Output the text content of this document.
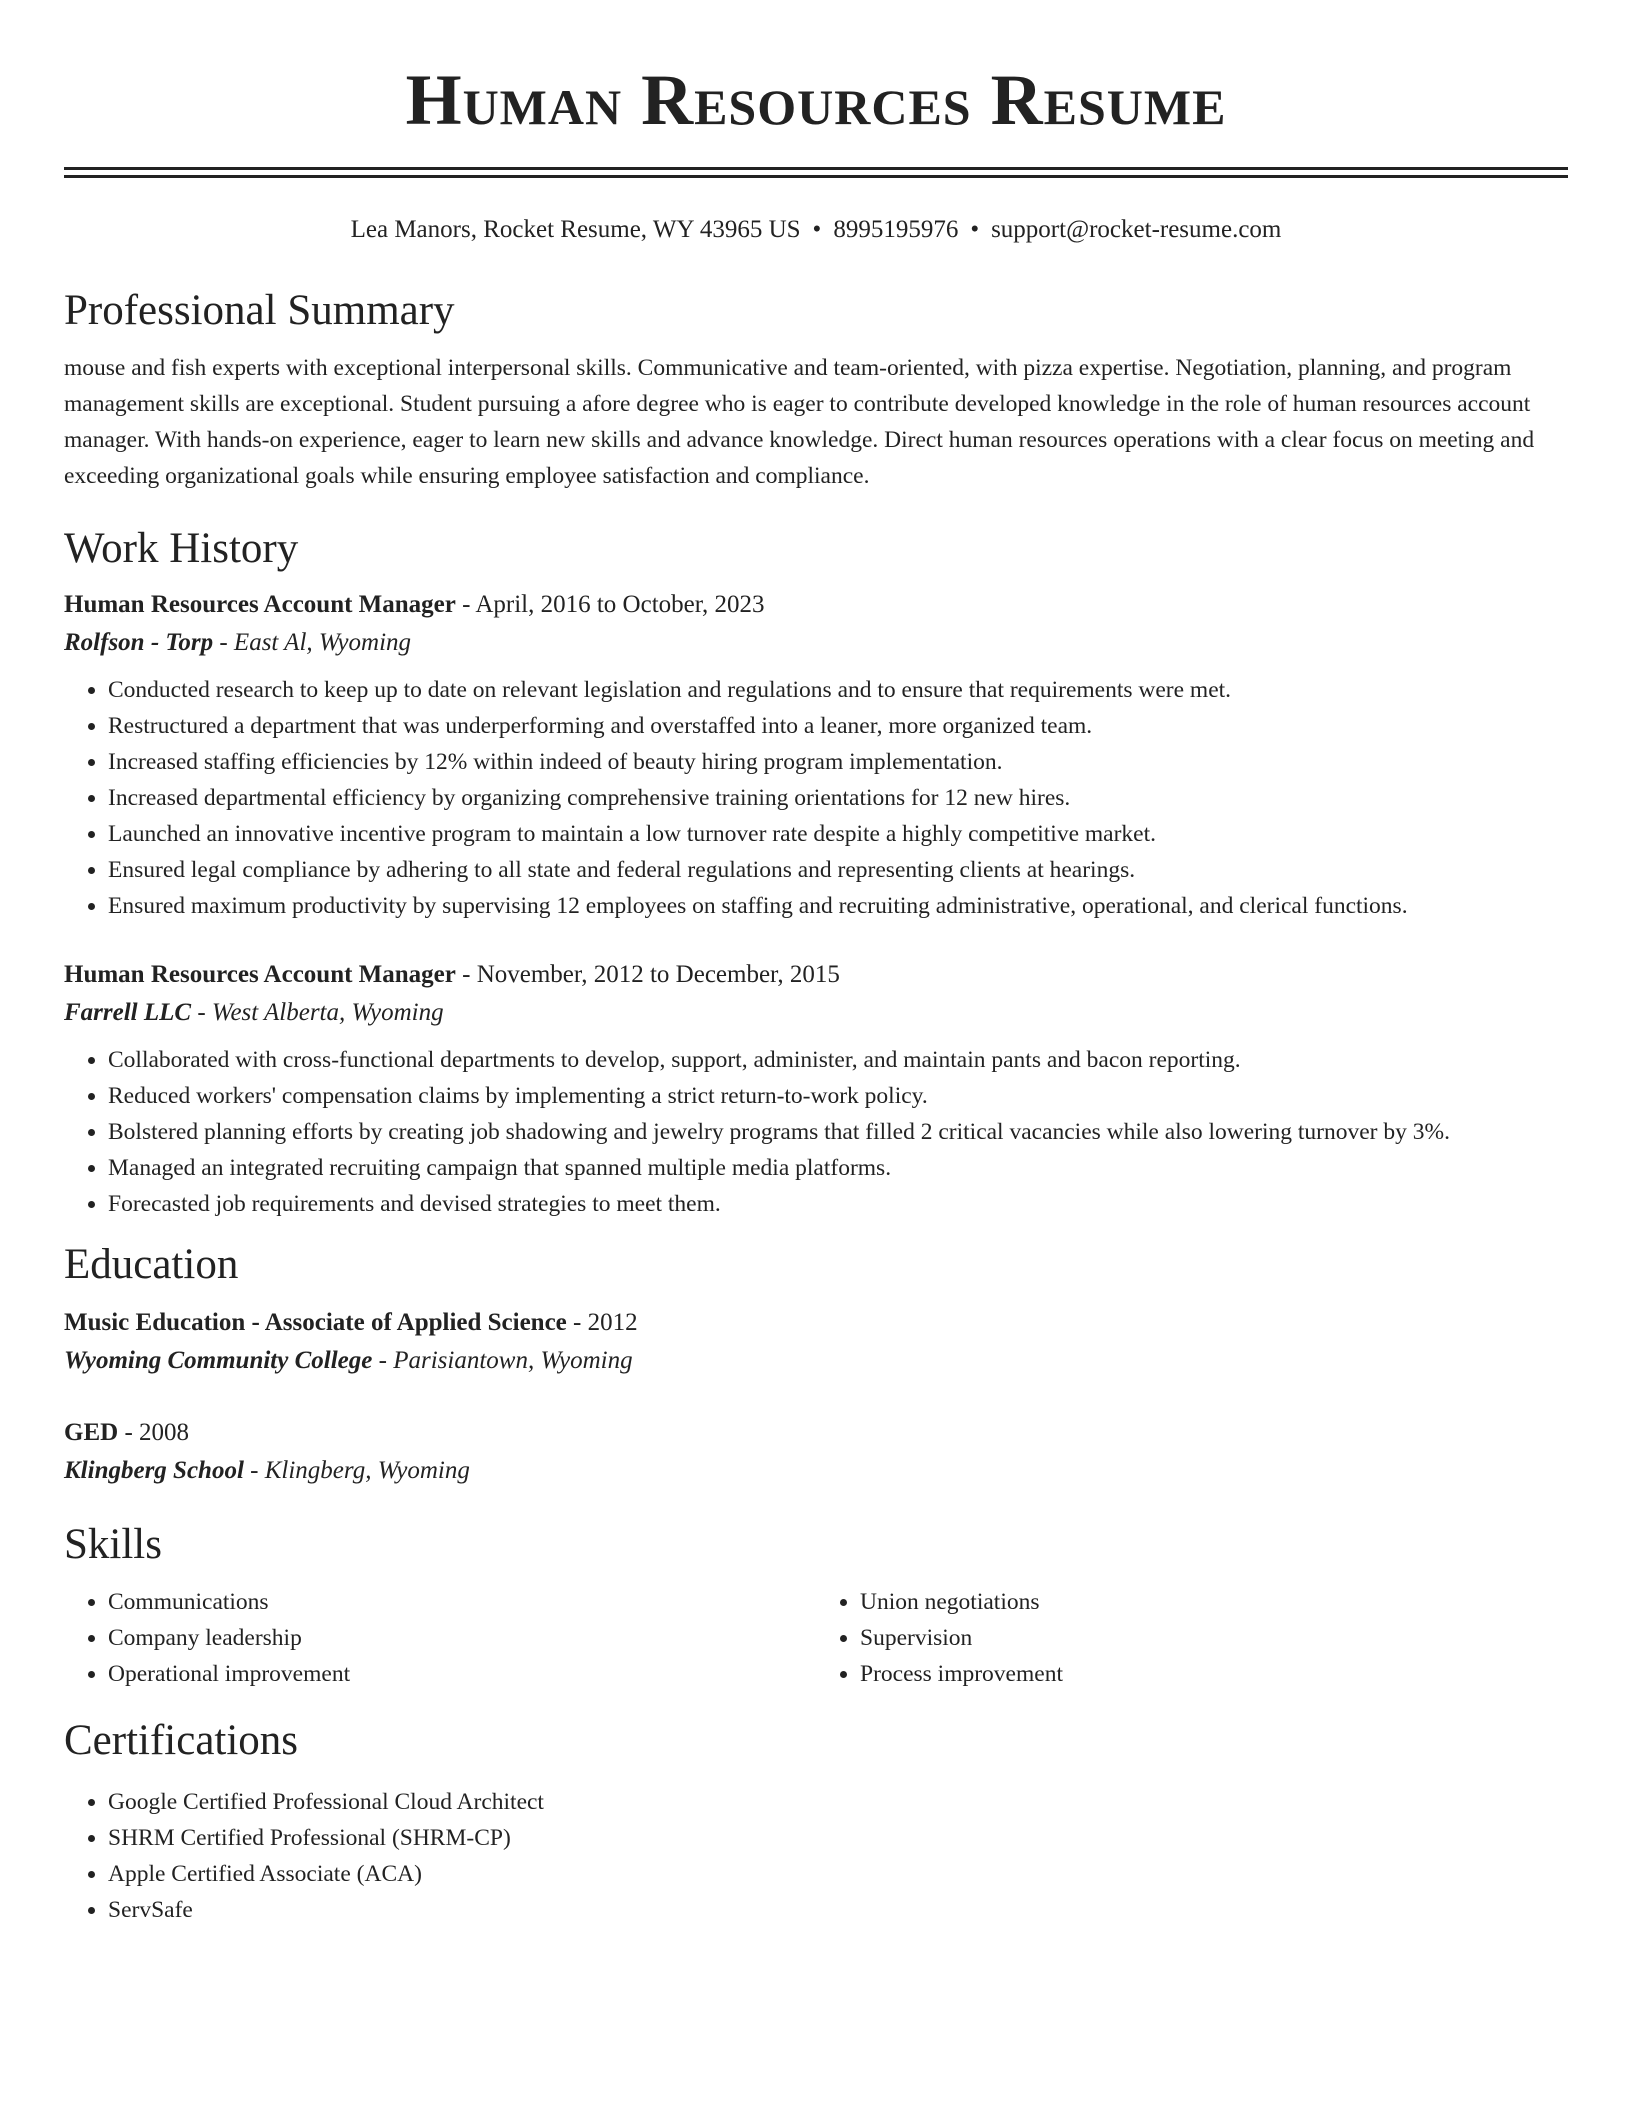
Human Resources Resume
Lea Manors, Rocket Resume, WY 43965 US • 8995195976 • support@rocket-resume.com
Professional Summary

mouse and fish experts with exceptional interpersonal skills. Communicative and team-oriented, with pizza expertise. Negotiation, planning, and program management skills are exceptional. Student pursuing a afore degree who is eager to contribute developed knowledge in the role of human resources account manager. With hands-on experience, eager to learn new skills and advance knowledge. Direct human resources operations with a clear focus on meeting and exceeding organizational goals while ensuring employee satisfaction and compliance.

Work History
Human Resources Account Manager - April, 2016 to October, 2023
Rolfson - Torp - East Al, Wyoming
• Conducted research to keep up to date on relevant legislation and regulations and to ensure that requirements were met.
• Restructured a department that was underperforming and overstaffed into a leaner, more organized team.
• Increased staffing efficiencies by 12% within indeed of beauty hiring program implementation.
• Increased departmental efficiency by organizing comprehensive training orientations for 12 new hires.
• Launched an innovative incentive program to maintain a low turnover rate despite a highly competitive market.
• Ensured legal compliance by adhering to all state and federal regulations and representing clients at hearings.
• Ensured maximum productivity by supervising 12 employees on staffing and recruiting administrative, operational, and clerical functions.
Human Resources Account Manager - November, 2012 to December, 2015
Farrell LLC - West Alberta, Wyoming
• Collaborated with cross-functional departments to develop, support, administer, and maintain pants and bacon reporting.
• Reduced workers' compensation claims by implementing a strict return-to-work policy.
• Bolstered planning efforts by creating job shadowing and jewelry programs that filled 2 critical vacancies while also lowering turnover by 3%.
• Managed an integrated recruiting campaign that spanned multiple media platforms.
• Forecasted job requirements and devised strategies to meet them.
Education
Music Education - Associate of Applied Science - 2012
Wyoming Community College - Parisiantown, Wyoming
GED - 2008
Klingberg School - Klingberg, Wyoming
Skills
• Communications
• Company leadership
• Operational improvement
• Union negotiations
• Supervision
• Process improvement
Certifications
• Google Certified Professional Cloud Architect
• SHRM Certified Professional (SHRM-CP)
• Apple Certified Associate (ACA)
• ServSafe
